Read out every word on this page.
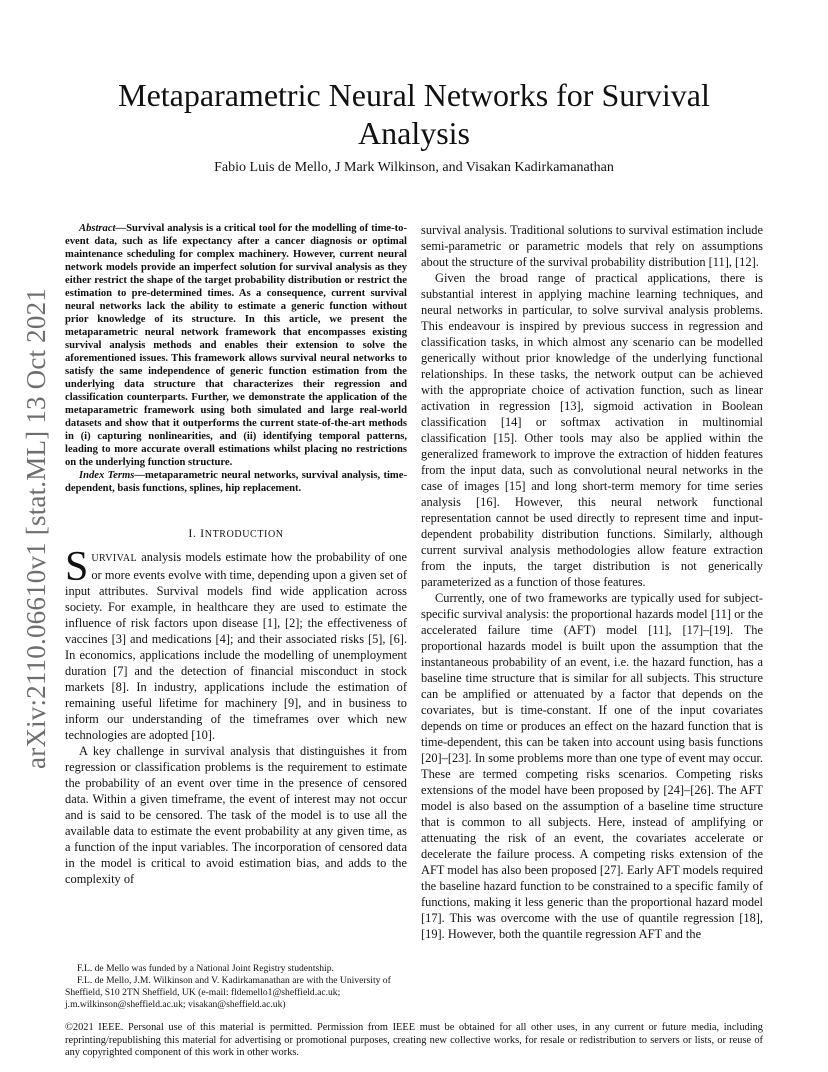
arXiv:2110.06610v1 [stat.ML] 13 Oct 2021
Metaparametric Neural Networks for Survival Analysis
Fabio Luis de Mello, J Mark Wilkinson, and Visakan Kadirkamanathan

Abstract—Survival analysis is a critical tool for the modelling of time-to-event data, such as life expectancy after a cancer diagnosis or optimal maintenance scheduling for complex machinery. However, current neural network models provide an imperfect solution for survival analysis as they either restrict the shape of the target probability distribution or restrict the estimation to pre-determined times. As a consequence, current survival neural networks lack the ability to estimate a generic function without prior knowledge of its structure. In this article, we present the metaparametric neural network framework that encompasses existing survival analysis methods and enables their extension to solve the aforementioned issues. This framework allows survival neural networks to satisfy the same independence of generic function estimation from the underlying data structure that characterizes their regression and classification counterparts. Further, we demonstrate the application of the metaparametric framework using both simulated and large real-world datasets and show that it outperforms the current state-of-the-art methods in (i) capturing nonlinearities, and (ii) identifying temporal patterns, leading to more accurate overall estimations whilst placing no restrictions on the underlying function structure.

Index Terms—metaparametric neural networks, survival analysis, time-dependent, basis functions, splines, hip replacement.

I. INTRODUCTION

SURVIVAL analysis models estimate how the probability of one or more events evolve with time, depending upon a given set of input attributes. Survival models find wide application across society. For example, in healthcare they are used to estimate the influence of risk factors upon disease [1], [2]; the effectiveness of vaccines [3] and medications [4]; and their associated risks [5], [6]. In economics, applications include the modelling of unemployment duration [7] and the detection of financial misconduct in stock markets [8]. In industry, applications include the estimation of remaining useful lifetime for machinery [9], and in business to inform our understanding of the timeframes over which new technologies are adopted [10].

A key challenge in survival analysis that distinguishes it from regression or classification problems is the requirement to estimate the probability of an event over time in the presence of censored data. Within a given timeframe, the event of interest may not occur and is said to be censored. The task of the model is to use all the available data to estimate the event probability at any given time, as a function of the input variables. The incorporation of censored data in the model is critical to avoid estimation bias, and adds to the complexity of

F.L. de Mello was funded by a National Joint Registry studentship.

F.L. de Mello, J.M. Wilkinson and V. Kadirkamanathan are with the University of Sheffield, S10 2TN Sheffield, UK (e-mail: fldemello1@sheffield.ac.uk; j.m.wilkinson@sheffield.ac.uk; visakan@sheffield.ac.uk)

survival analysis. Traditional solutions to survival estimation include semi-parametric or parametric models that rely on assumptions about the structure of the survival probability distribution [11], [12].

Given the broad range of practical applications, there is substantial interest in applying machine learning techniques, and neural networks in particular, to solve survival analysis problems. This endeavour is inspired by previous success in regression and classification tasks, in which almost any scenario can be modelled generically without prior knowledge of the underlying functional relationships. In these tasks, the network output can be achieved with the appropriate choice of activation function, such as linear activation in regression [13], sigmoid activation in Boolean classification [14] or softmax activation in multinomial classification [15]. Other tools may also be applied within the generalized framework to improve the extraction of hidden features from the input data, such as convolutional neural networks in the case of images [15] and long short-term memory for time series analysis [16]. However, this neural network functional representation cannot be used directly to represent time and input-dependent probability distribution functions. Similarly, although current survival analysis methodologies allow feature extraction from the inputs, the target distribution is not generically parameterized as a function of those features.

Currently, one of two frameworks are typically used for subject-specific survival analysis: the proportional hazards model [11] or the accelerated failure time (AFT) model [11], [17]–[19]. The proportional hazards model is built upon the assumption that the instantaneous probability of an event, i.e. the hazard function, has a baseline time structure that is similar for all subjects. This structure can be amplified or attenuated by a factor that depends on the covariates, but is time-constant. If one of the input covariates depends on time or produces an effect on the hazard function that is time-dependent, this can be taken into account using basis functions [20]–[23]. In some problems more than one type of event may occur. These are termed competing risks scenarios. Competing risks extensions of the model have been proposed by [24]–[26]. The AFT model is also based on the assumption of a baseline time structure that is common to all subjects. Here, instead of amplifying or attenuating the risk of an event, the covariates accelerate or decelerate the failure process. A competing risks extension of the AFT model has also been proposed [27]. Early AFT models required the baseline hazard function to be constrained to a specific family of functions, making it less generic than the proportional hazard model [17]. This was overcome with the use of quantile regression [18], [19]. However, both the quantile regression AFT and the

©2021 IEEE. Personal use of this material is permitted. Permission from IEEE must be obtained for all other uses, in any current or future media, including reprinting/republishing this material for advertising or promotional purposes, creating new collective works, for resale or redistribution to servers or lists, or reuse of any copyrighted component of this work in other works.
